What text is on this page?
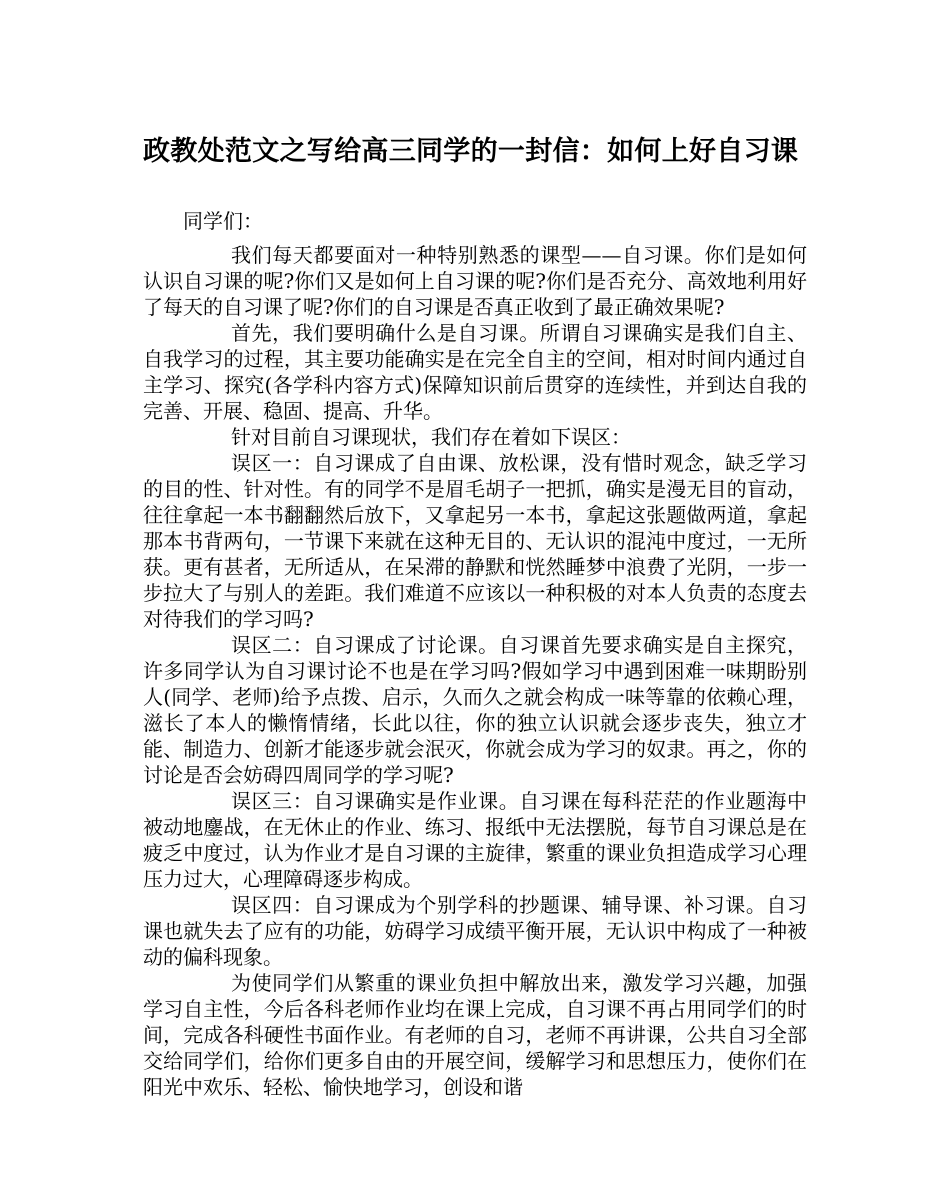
政教处范文之写给高三同学的一封信：如何上好自习课

同学们：

我们每天都要面对一种特别熟悉的课型——自习课。你们是如何认识自习课的呢?你们又是如何上自习课的呢?你们是否充分、高效地利用好了每天的自习课了呢?你们的自习课是否真正收到了最正确效果呢?

首先，我们要明确什么是自习课。所谓自习课确实是我们自主、自我学习的过程，其主要功能确实是在完全自主的空间，相对时间内通过自主学习、探究(各学科内容方式)保障知识前后贯穿的连续性，并到达自我的完善、开展、稳固、提高、升华。

针对目前自习课现状，我们存在着如下误区：

误区一：自习课成了自由课、放松课，没有惜时观念，缺乏学习的目的性、针对性。有的同学不是眉毛胡子一把抓，确实是漫无目的盲动，往往拿起一本书翻翻然后放下，又拿起另一本书，拿起这张题做两道，拿起那本书背两句，一节课下来就在这种无目的、无认识的混沌中度过，一无所获。更有甚者，无所适从，在呆滞的静默和恍然睡梦中浪费了光阴，一步一步拉大了与别人的差距。我们难道不应该以一种积极的对本人负责的态度去对待我们的学习吗?

误区二：自习课成了讨论课。自习课首先要求确实是自主探究，许多同学认为自习课讨论不也是在学习吗?假如学习中遇到困难一味期盼别人(同学、老师)给予点拨、启示，久而久之就会构成一味等靠的依赖心理，滋长了本人的懒惰情绪，长此以往，你的独立认识就会逐步丧失，独立才能、制造力、创新才能逐步就会泯灭，你就会成为学习的奴隶。再之，你的讨论是否会妨碍四周同学的学习呢?

误区三：自习课确实是作业课。自习课在每科茫茫的作业题海中被动地鏖战，在无休止的作业、练习、报纸中无法摆脱，每节自习课总是在疲乏中度过，认为作业才是自习课的主旋律，繁重的课业负担造成学习心理压力过大，心理障碍逐步构成。

误区四：自习课成为个别学科的抄题课、辅导课、补习课。自习课也就失去了应有的功能，妨碍学习成绩平衡开展，无认识中构成了一种被动的偏科现象。

为使同学们从繁重的课业负担中解放出来，激发学习兴趣，加强学习自主性，今后各科老师作业均在课上完成，自习课不再占用同学们的时间，完成各科硬性书面作业。有老师的自习，老师不再讲课，公共自习全部交给同学们，给你们更多自由的开展空间，缓解学习和思想压力，使你们在阳光中欢乐、轻松、愉快地学习，创设和谐
